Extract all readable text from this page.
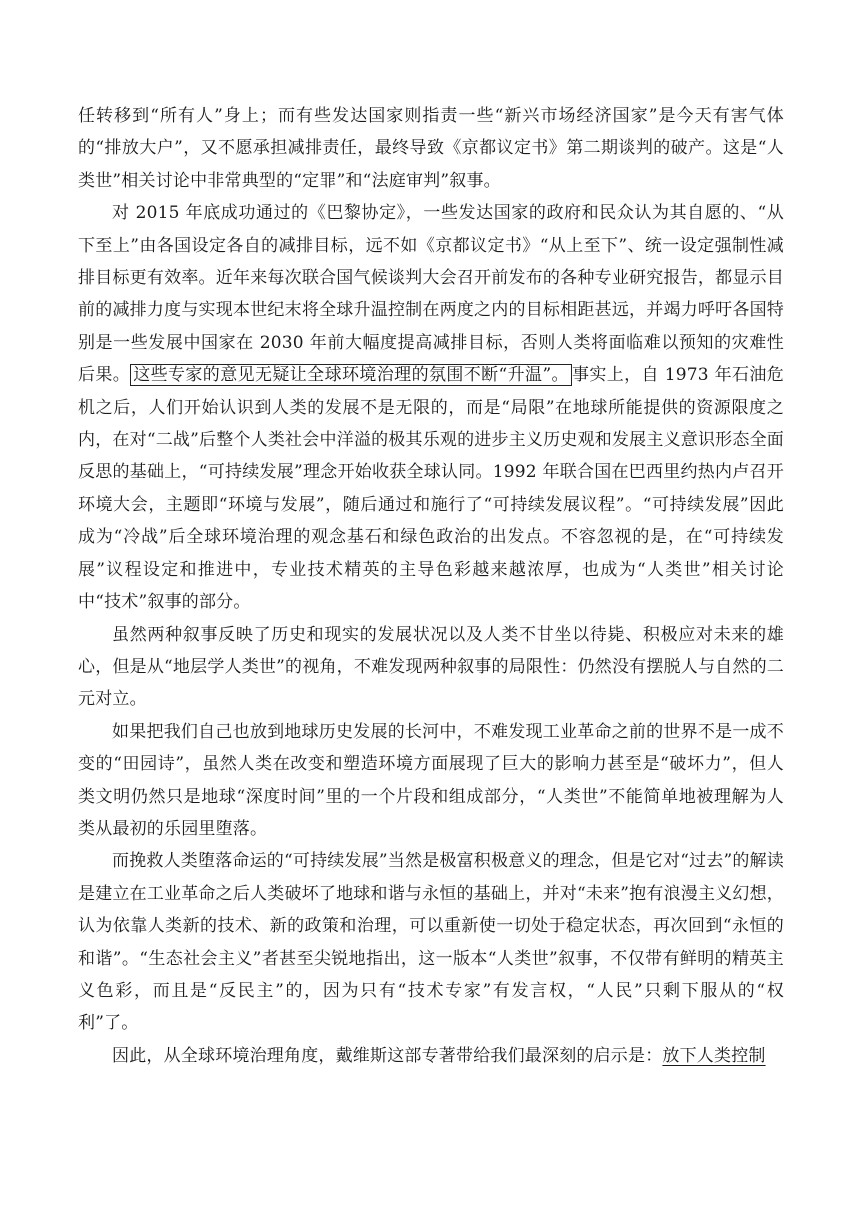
任转移到“所有人”身上；而有些发达国家则指责一些“新兴市场经济国家”是今天有害气体的“排放大户”，又不愿承担减排责任，最终导致《京都议定书》第二期谈判的破产。这是“人类世”相关讨论中非常典型的“定罪”和“法庭审判”叙事。

对 2015 年底成功通过的《巴黎协定》，一些发达国家的政府和民众认为其自愿的、“从下至上”由各国设定各自的减排目标，远不如《京都议定书》“从上至下”、统一设定强制性减排目标更有效率。近年来每次联合国气候谈判大会召开前发布的各种专业研究报告，都显示目前的减排力度与实现本世纪末将全球升温控制在两度之内的目标相距甚远，并竭力呼吁各国特别是一些发展中国家在 2030 年前大幅度提高减排目标，否则人类将面临难以预知的灾难性后果。 这些专家的意见无疑让全球环境治理的氛围不断“升温”。 事实上，自 1973 年石油危机之后，人们开始认识到人类的发展不是无限的，而是“局限”在地球所能提供的资源限度之内，在对“二战”后整个人类社会中洋溢的极其乐观的进步主义历史观和发展主义意识形态全面反思的基础上，“可持续发展”理念开始收获全球认同。1992 年联合国在巴西里约热内卢召开环境大会，主题即“环境与发展”，随后通过和施行了“可持续发展议程”。“可持续发展”因此成为“冷战”后全球环境治理的观念基石和绿色政治的出发点。不容忽视的是，在“可持续发展”议程设定和推进中，专业技术精英的主导色彩越来越浓厚，也成为“人类世”相关讨论中“技术”叙事的部分。

虽然两种叙事反映了历史和现实的发展状况以及人类不甘坐以待毙、积极应对未来的雄心，但是从“地层学人类世”的视角，不难发现两种叙事的局限性：仍然没有摆脱人与自然的二元对立。

如果把我们自己也放到地球历史发展的长河中，不难发现工业革命之前的世界不是一成不变的“田园诗”，虽然人类在改变和塑造环境方面展现了巨大的影响力甚至是“破坏力”，但人类文明仍然只是地球“深度时间”里的一个片段和组成部分，“人类世”不能简单地被理解为人类从最初的乐园里堕落。

而挽救人类堕落命运的“可持续发展”当然是极富积极意义的理念，但是它对“过去”的解读是建立在工业革命之后人类破坏了地球和谐与永恒的基础上，并对“未来”抱有浪漫主义幻想，认为依靠人类新的技术、新的政策和治理，可以重新使一切处于稳定状态，再次回到“永恒的和谐”。“生态社会主义”者甚至尖锐地指出，这一版本“人类世”叙事，不仅带有鲜明的精英主义色彩，而且是“反民主”的，因为只有“技术专家”有发言权，“人民”只剩下服从的“权利”了。

因此，从全球环境治理角度，戴维斯这部专著带给我们最深刻的启示是：放下人类控制
